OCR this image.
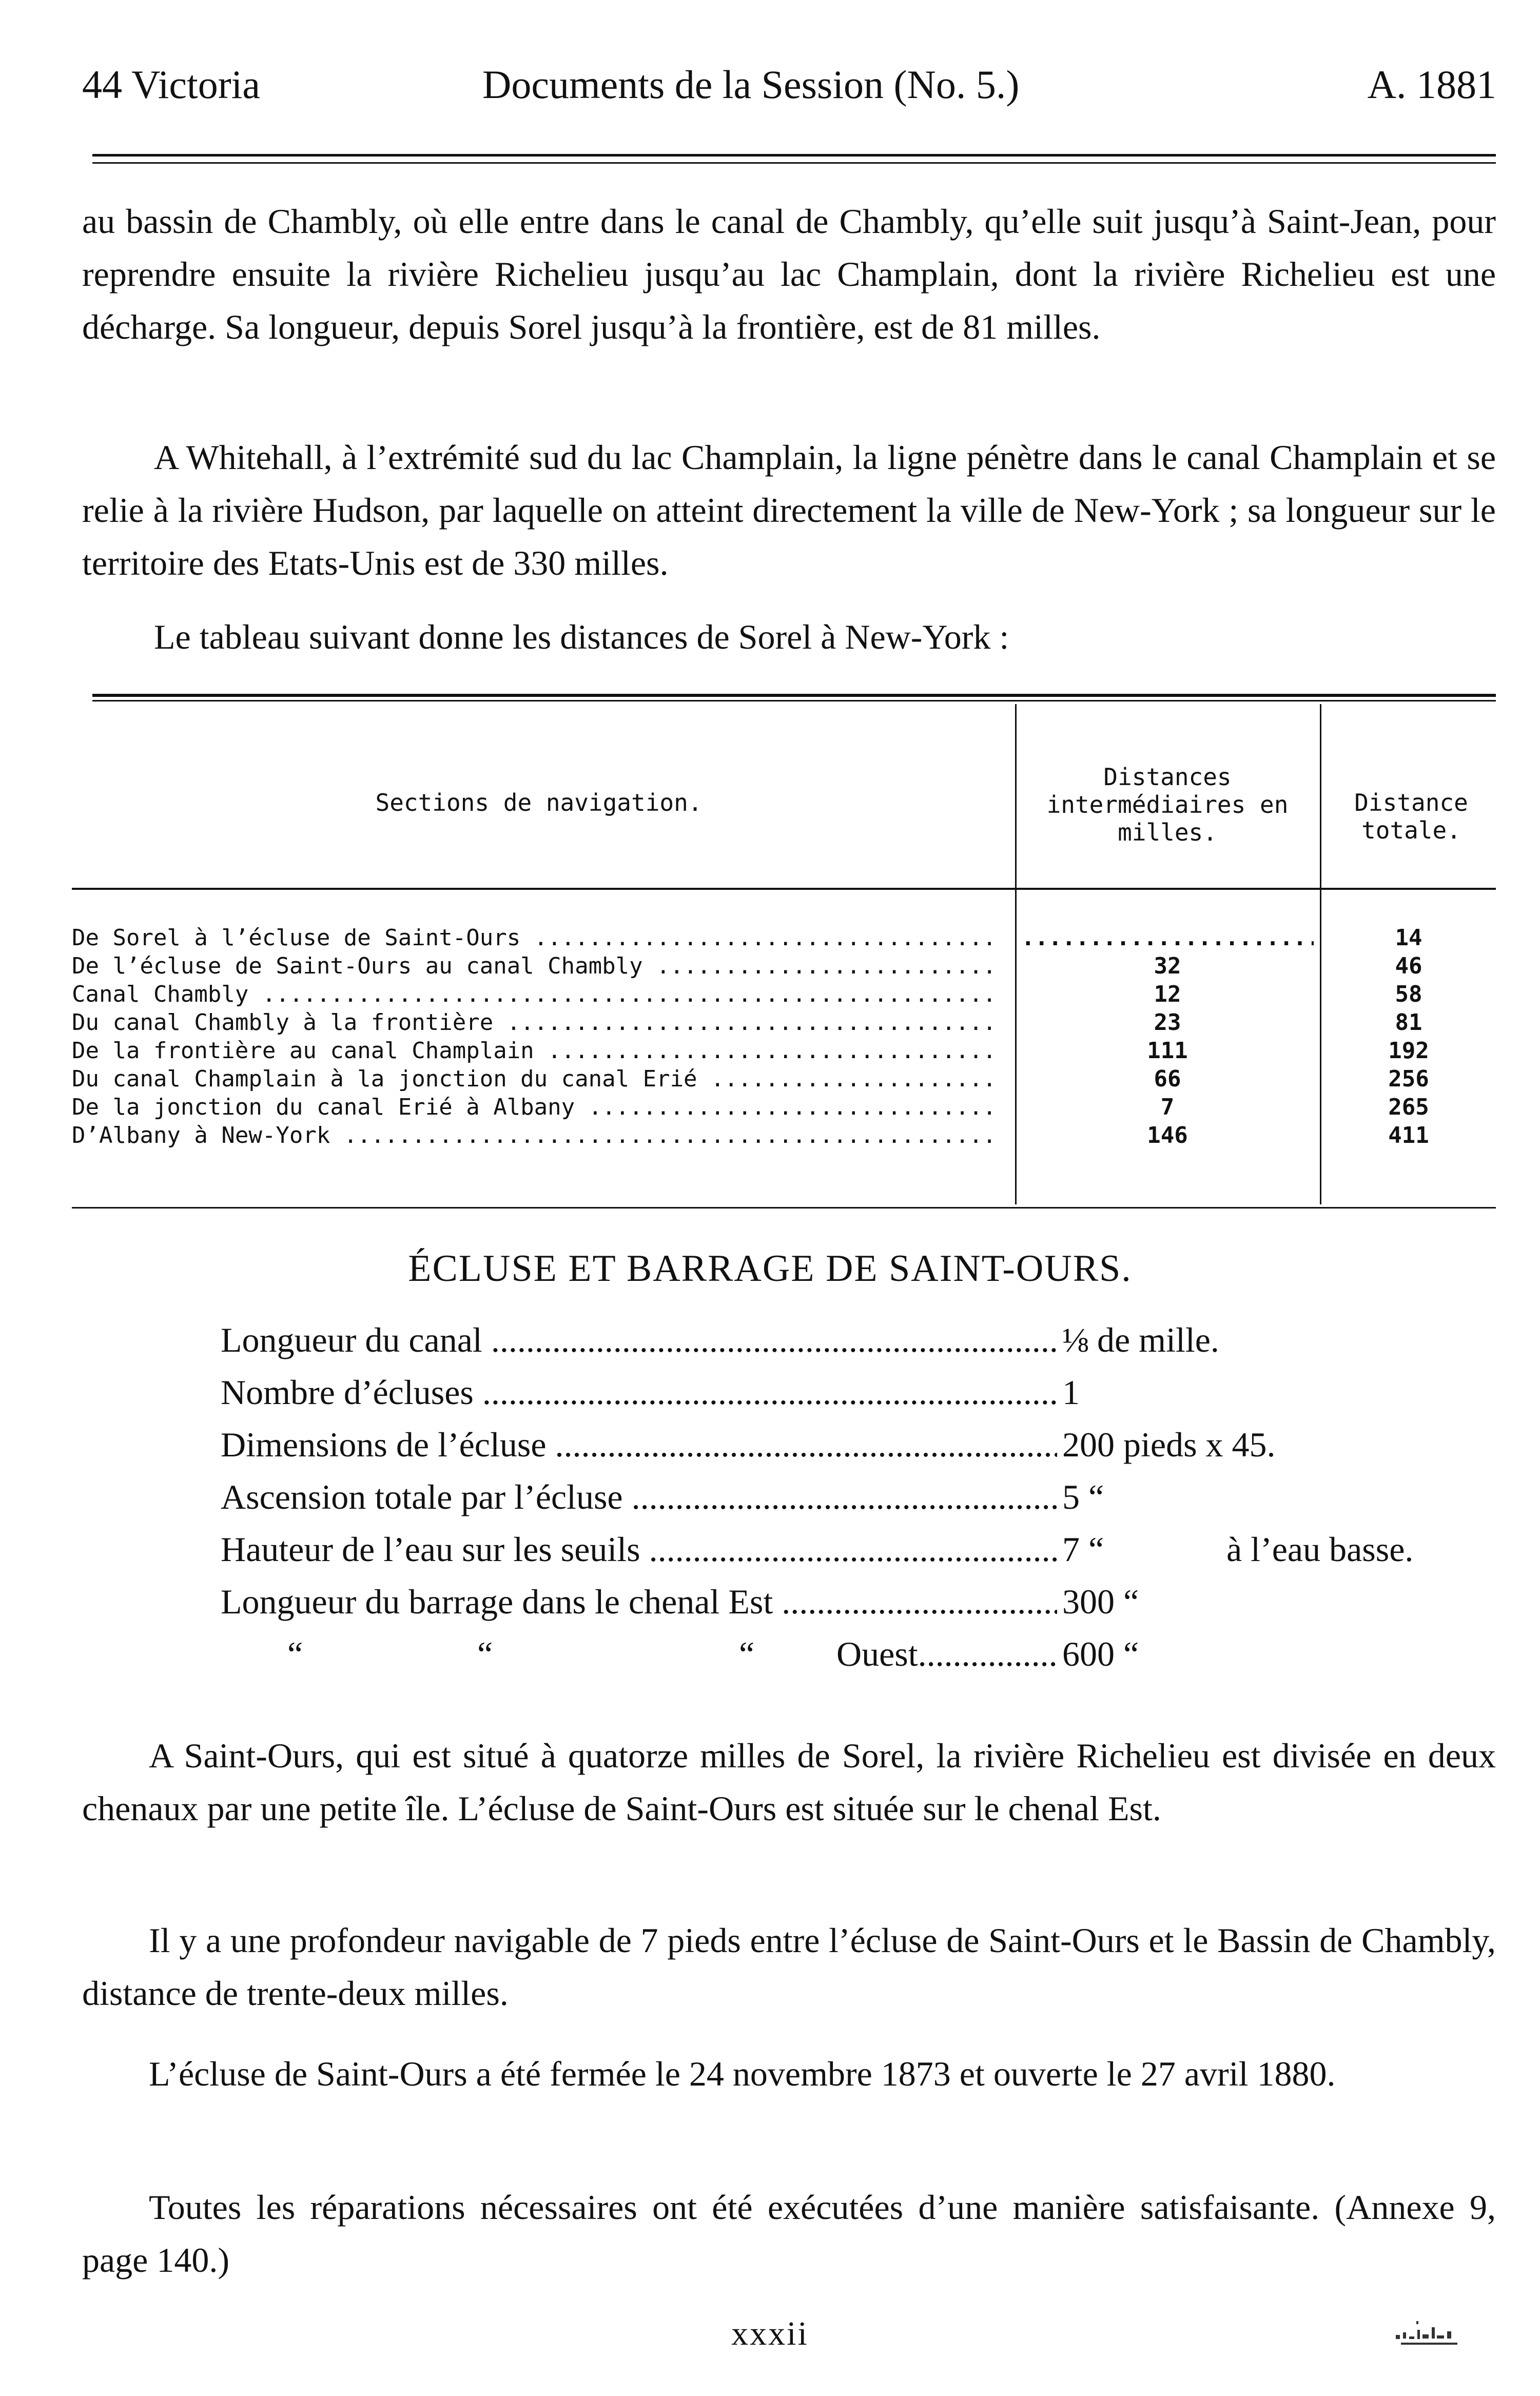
44 Victoria	Documents de la Session (No. 5.)	A. 1881

au bassin de Chambly, où elle entre dans le canal de Chambly, qu’elle suit jusqu’à Saint-Jean, pour reprendre ensuite la rivière Richelieu jusqu’au lac Champlain, dont la rivière Richelieu est une décharge. Sa longueur, depuis Sorel jusqu’à la frontière, est de 81 milles.

A Whitehall, à l’extrémité sud du lac Champlain, la ligne pénètre dans le canal Champlain et se relie à la rivière Hudson, par laquelle on atteint directement la ville de New-York ; sa longueur sur le territoire des Etats-Unis est de 330 milles.

Le tableau suivant donne les distances de Sorel à New-York :

Sections de navigation.
Distances intermédiaires en milles.
Distance totale.
De Sorel à l’écluse de Saint-Ours .....
.....	14
De l’écluse de Saint-Ours au canal Chambly .....	32	46
Canal Chambly .....	12	58
Du canal Chambly à la frontière .....	23	81
De la frontière au canal Champlain .....	111	192
Du canal Champlain à la jonction du canal Erié .....	66	256
De la jonction du canal Erié à Albany .....	7	265
D’Albany à New-York .....	146	411
ÉCLUSE ET BARRAGE DE SAINT-OURS.
Longueur du canal .....	⅛ de mille.
Nombre d’écluses .....	1
Dimensions de l’écluse .....	200 pieds x 45.
Ascension totale par l’écluse .....	5 “
Hauteur de l’eau sur les seuils .....	7 “	à l’eau basse.
Longueur du barrage dans le chenal Est .....	300 “
“	“	“ Ouest .....	600 “

A Saint-Ours, qui est situé à quatorze milles de Sorel, la rivière Richelieu est divisée en deux chenaux par une petite île. L’écluse de Saint-Ours est située sur le chenal Est.

Il y a une profondeur navigable de 7 pieds entre l’écluse de Saint-Ours et le Bassin de Chambly, distance de trente-deux milles.

L’écluse de Saint-Ours a été fermée le 24 novembre 1873 et ouverte le 27 avril 1880.

Toutes les réparations nécessaires ont été exécutées d’une manière satisfaisante. (Annexe 9, page 140.)

xxxii
